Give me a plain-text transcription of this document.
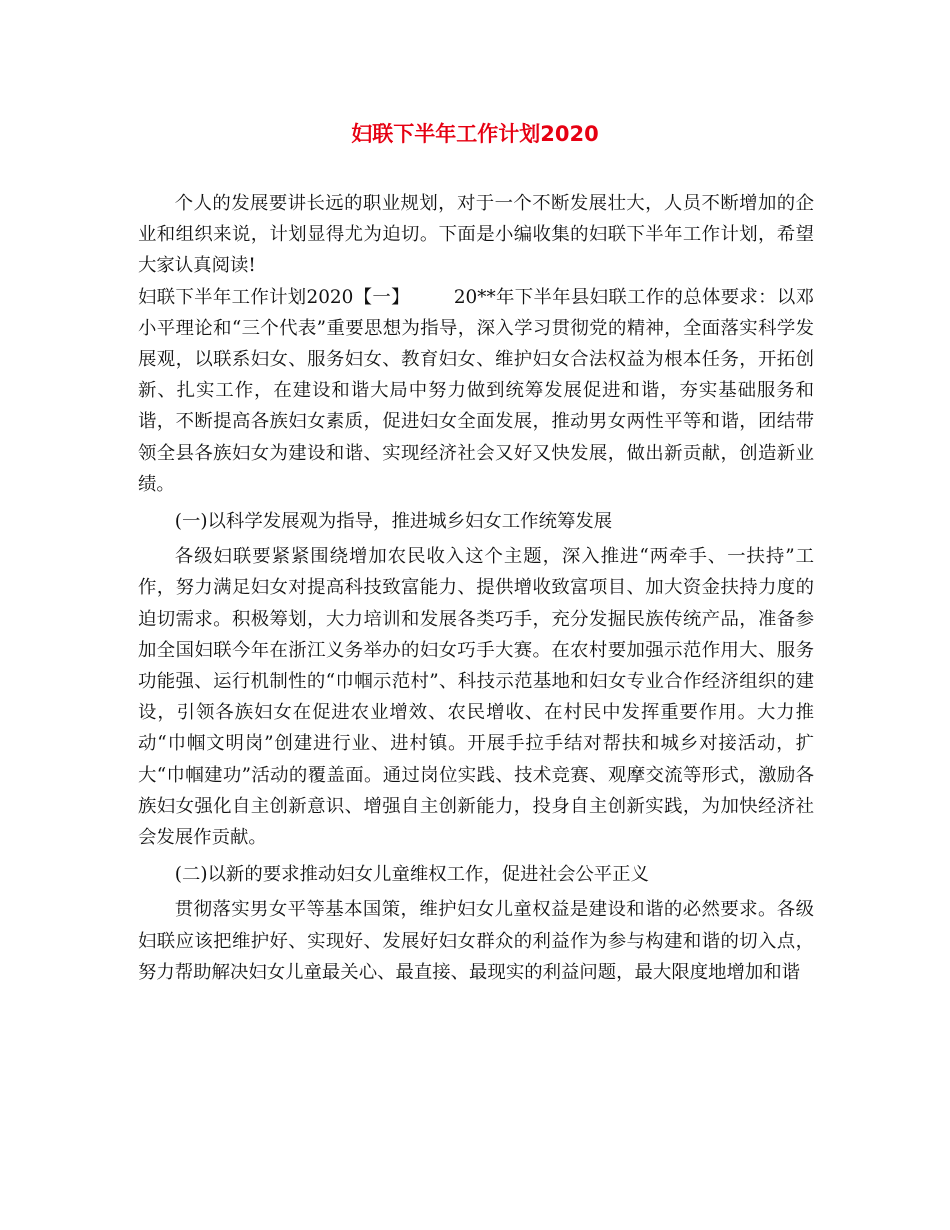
妇联下半年工作计划2020

个人的发展要讲长远的职业规划，对于一个不断发展壮大，人员不断增加的企业和组织来说，计划显得尤为迫切。下面是小编收集的妇联下半年工作计划，希望大家认真阅读!

妇联下半年工作计划2020【一】 20**年下半年县妇联工作的总体要求：以邓小平理论和“三个代表”重要思想为指导，深入学习贯彻党的精神，全面落实科学发展观，以联系妇女、服务妇女、教育妇女、维护妇女合法权益为根本任务，开拓创新、扎实工作，在建设和谐大局中努力做到统筹发展促进和谐，夯实基础服务和谐，不断提高各族妇女素质，促进妇女全面发展，推动男女两性平等和谐，团结带领全县各族妇女为建设和谐、实现经济社会又好又快发展，做出新贡献，创造新业绩。

(一)以科学发展观为指导，推进城乡妇女工作统筹发展

各级妇联要紧紧围绕增加农民收入这个主题，深入推进“两牵手、一扶持”工作，努力满足妇女对提高科技致富能力、提供增收致富项目、加大资金扶持力度的迫切需求。积极筹划，大力培训和发展各类巧手，充分发掘民族传统产品，准备参加全国妇联今年在浙江义务举办的妇女巧手大赛。在农村要加强示范作用大、服务功能强、运行机制性的“巾帼示范村”、科技示范基地和妇女专业合作经济组织的建设，引领各族妇女在促进农业增效、农民增收、在村民中发挥重要作用。大力推动“巾帼文明岗”创建进行业、进村镇。开展手拉手结对帮扶和城乡对接活动，扩大“巾帼建功”活动的覆盖面。通过岗位实践、技术竞赛、观摩交流等形式，激励各族妇女强化自主创新意识、增强自主创新能力，投身自主创新实践，为加快经济社会发展作贡献。

(二)以新的要求推动妇女儿童维权工作，促进社会公平正义

贯彻落实男女平等基本国策，维护妇女儿童权益是建设和谐的必然要求。各级妇联应该把维护好、实现好、发展好妇女群众的利益作为参与构建和谐的切入点，努力帮助解决妇女儿童最关心、最直接、最现实的利益问题，最大限度地增加和谐
